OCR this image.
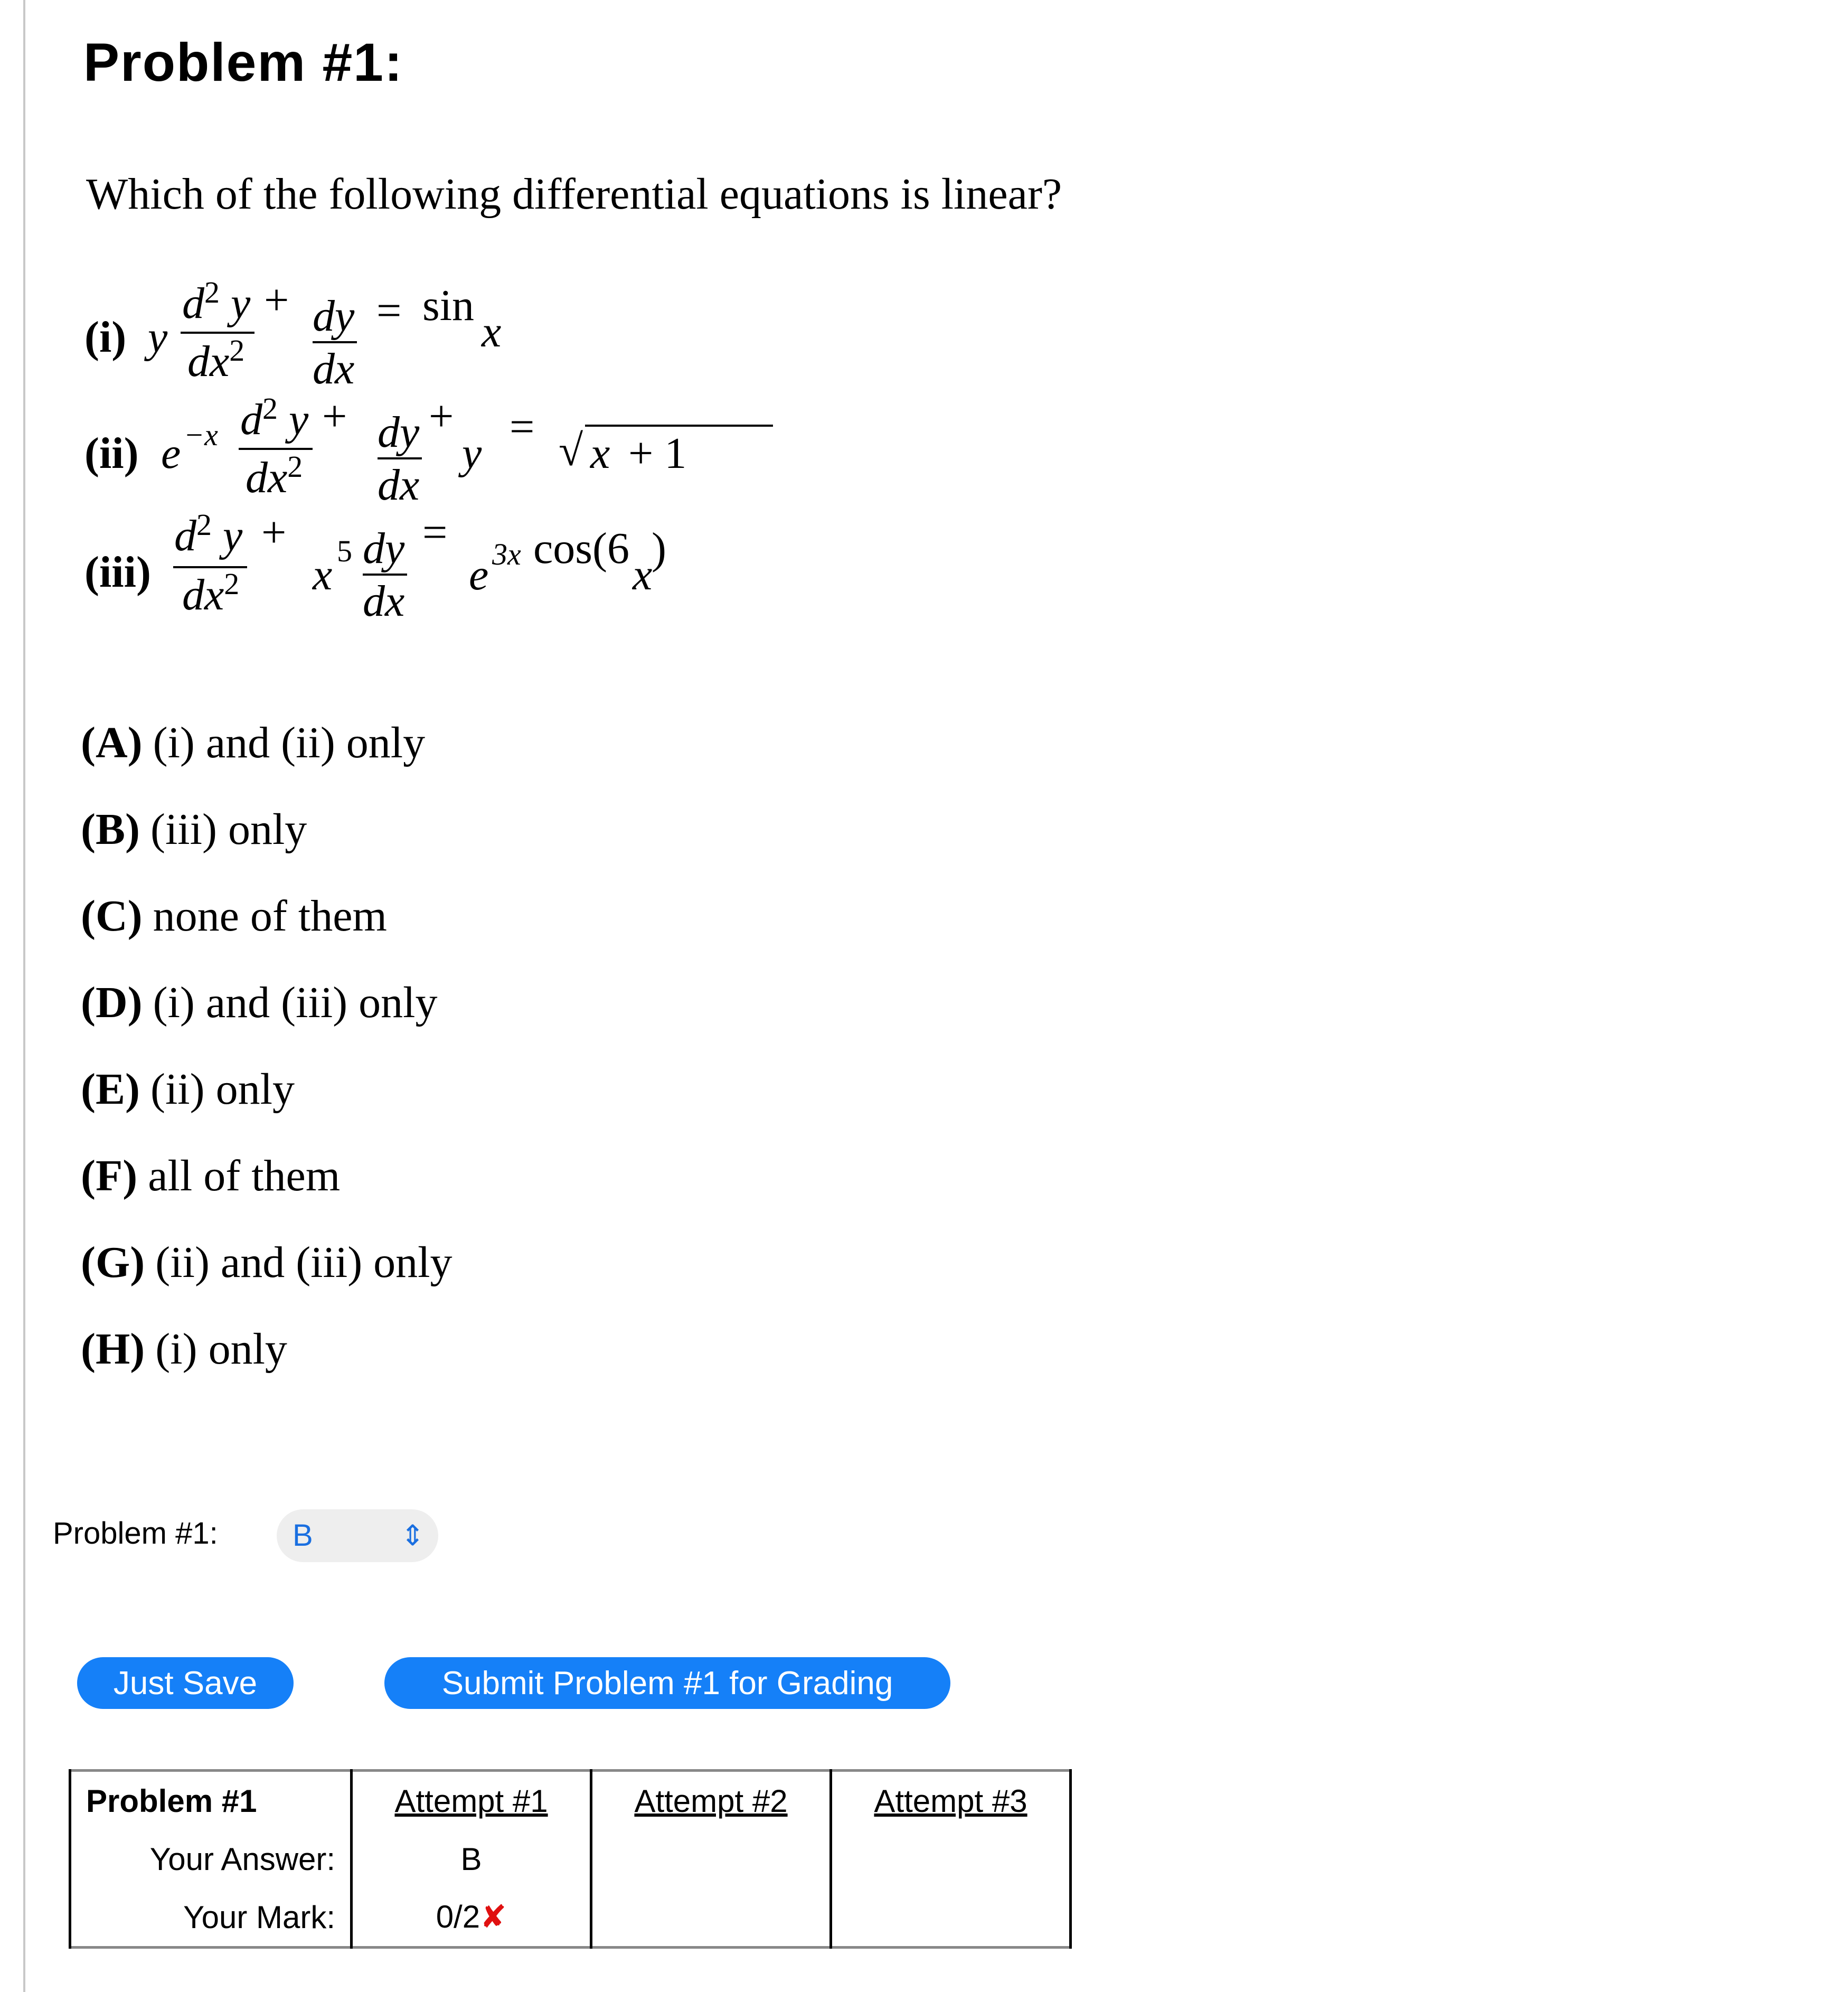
Problem #1:
Which of the following differential equations is linear?
(i) y
$d^2$ y
$dx^2$
+ dy
dx
= sin
x
(ii) e −x $d^2$ y
$dx^2$
+ dy
dx
+
y
= √ x + 1
(iii)
$d^2$ y
$dx^2$
+
x 5 dy
dx
=
e 3x cos(6
x
)
(A) (i) and (ii) only
(B) (iii) only
(C) none of them
(D) (i) and (iii) only
(E) (ii) only
(F) all of them
(G) (ii) and (iii) only
(H) (i) only
Problem #1:	B	⇕
Just Save	Submit Problem #1 for Grading
Problem #1	Attempt #1	Attempt #2	Attempt #3
Your Answer:	B		
Your Mark:	0/2✘		
